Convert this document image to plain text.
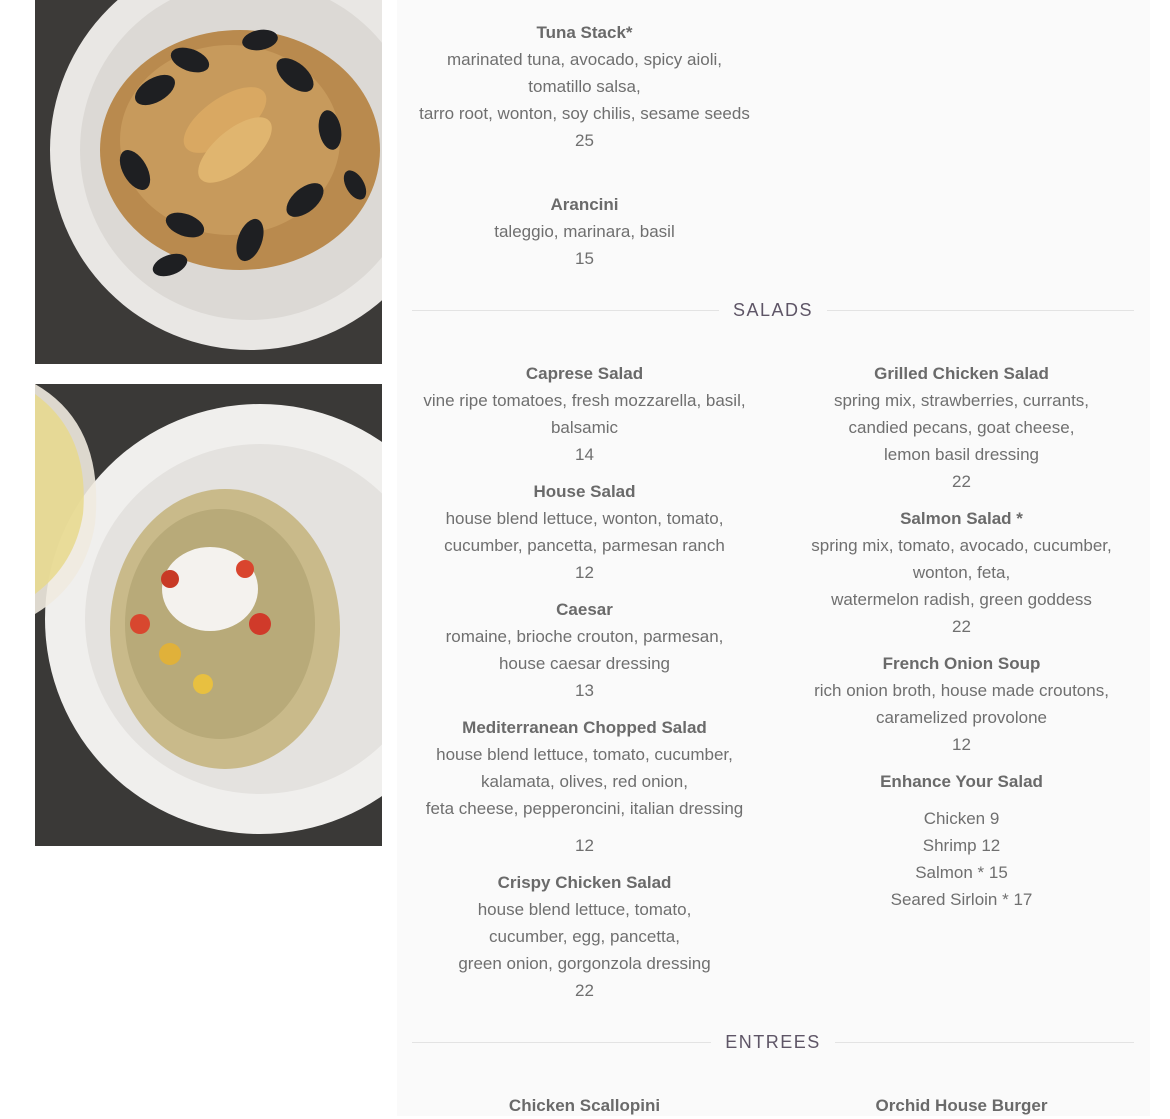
Tuna Stack*
marinated tuna, avocado, spicy aioli,
tomatillo salsa,
tarro root, wonton, soy chilis, sesame seeds
25
Arancini
taleggio, marinara, basil
15
SALADS
Caprese Salad
vine ripe tomatoes, fresh mozzarella, basil,
balsamic
14
House Salad
house blend lettuce, wonton, tomato,
cucumber, pancetta, parmesan ranch
12
Caesar
romaine, brioche crouton, parmesan,
house caesar dressing
13
Mediterranean Chopped Salad
house blend lettuce, tomato, cucumber,
kalamata, olives, red onion,
feta cheese, pepperoncini, italian dressing
12
Crispy Chicken Salad
house blend lettuce, tomato,
cucumber, egg, pancetta,
green onion, gorgonzola dressing
22
Grilled Chicken Salad
spring mix, strawberries, currants,
candied pecans, goat cheese,
lemon basil dressing
22
Salmon Salad *
spring mix, tomato, avocado, cucumber,
wonton, feta,
watermelon radish, green goddess
22
French Onion Soup
rich onion broth, house made croutons,
caramelized provolone
12
Enhance Your Salad
Chicken 9
Shrimp 12
Salmon * 15
Seared Sirloin * 17
ENTREES
Chicken Scallopini	Orchid House Burger
